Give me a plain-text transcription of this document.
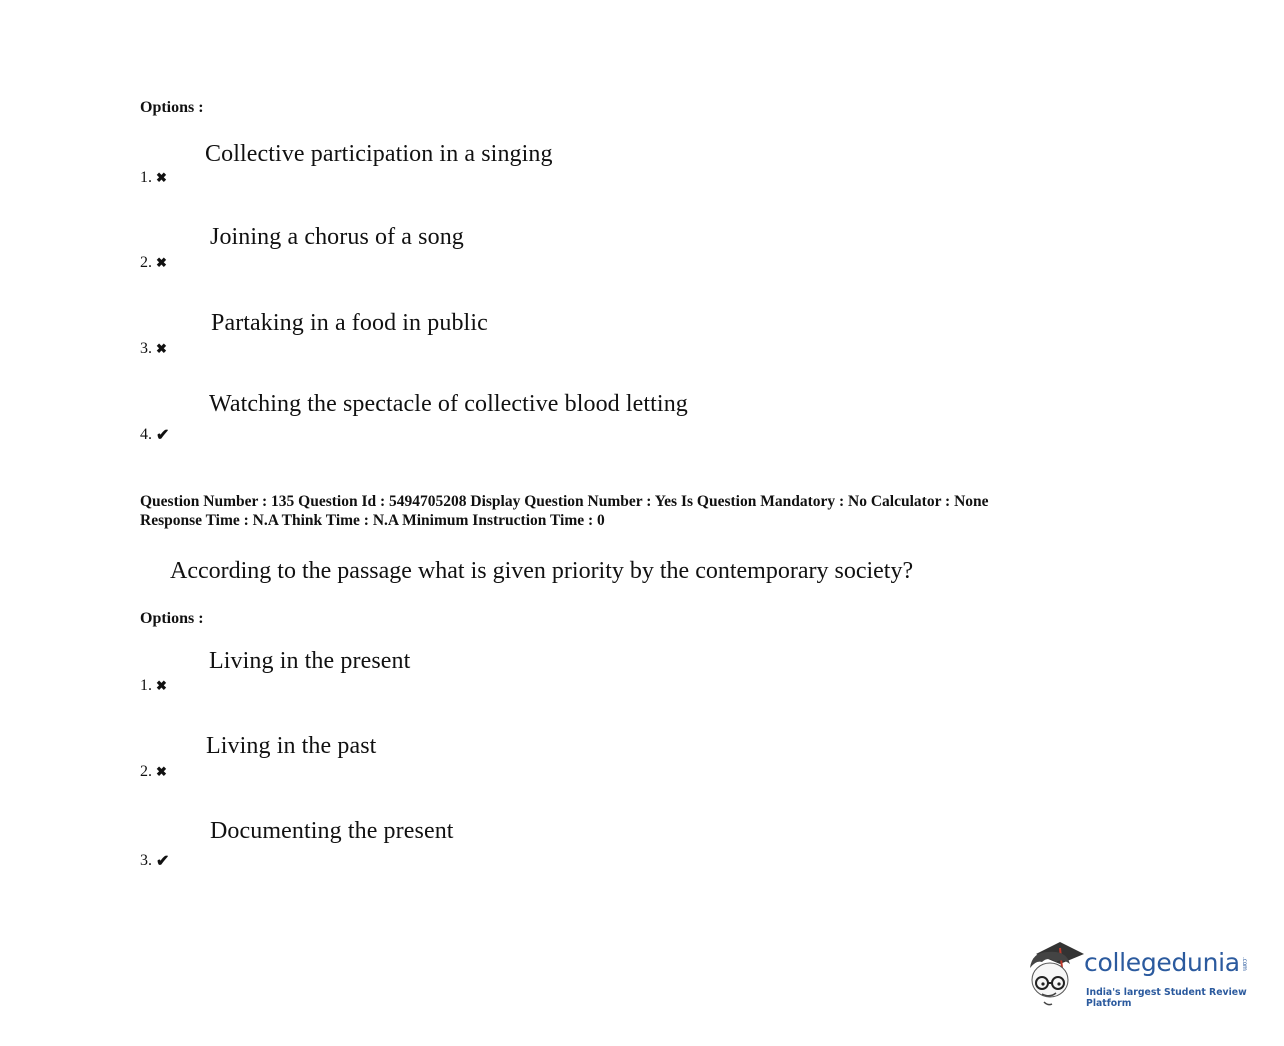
Options :
Collective participation in a singing
1. ✖
Joining a chorus of a song
2. ✖
Partaking in a food in public
3. ✖
Watching the spectacle of collective blood letting
4. ✔
Question Number : 135 Question Id : 5494705208 Display Question Number : Yes Is Question Mandatory : No Calculator : None
Response Time : N.A Think Time : N.A Minimum Instruction Time : 0
According to the passage what is given priority by the contemporary society?
Options :
Living in the present
1. ✖
Living in the past
2. ✖
Documenting the present
3. ✔
collegedunia.com
India's largest Student Review Platform
